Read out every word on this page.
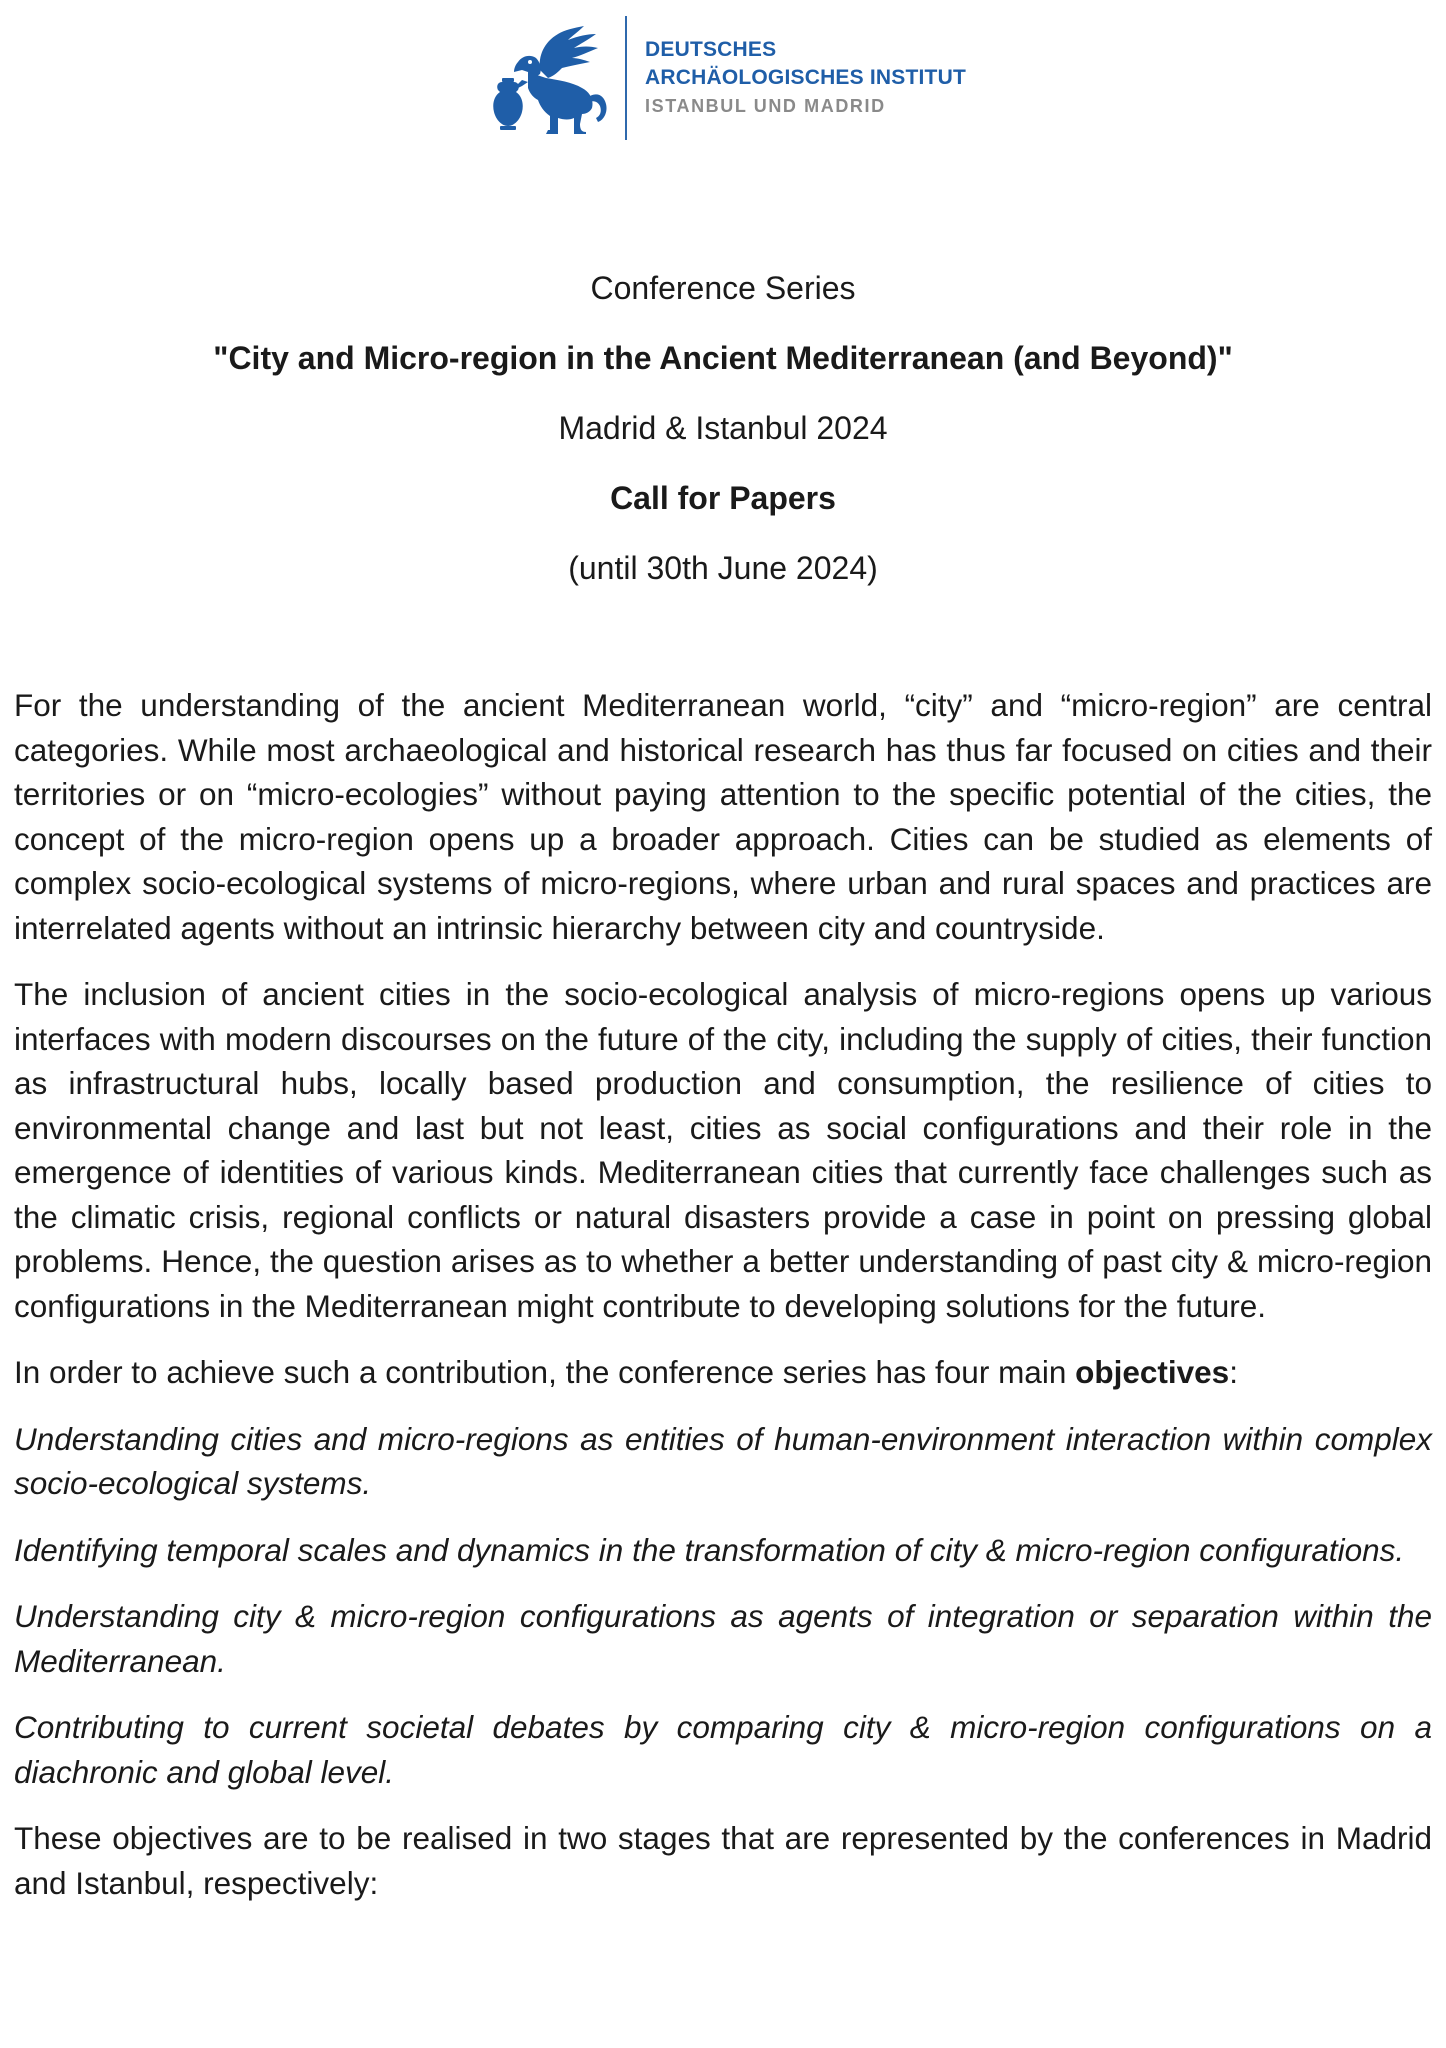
DEUTSCHES
ARCHÄOLOGISCHES INSTITUT
ISTANBUL UND MADRID
Conference Series
"City and Micro-region in the Ancient Mediterranean (and Beyond)"
Madrid & Istanbul 2024
Call for Papers
(until 30th June 2024)

For the understanding of the ancient Mediterranean world, “city” and “micro-region” are central categories. While most archaeological and historical research has thus far focused on cities and their territories or on “micro-ecologies” without paying attention to the specific potential of the cities, the concept of the micro-region opens up a broader approach. Cities can be studied as elements of complex socio-ecological systems of micro-regions, where urban and rural spaces and practices are interrelated agents without an intrinsic hierarchy between city and countryside.

The inclusion of ancient cities in the socio-ecological analysis of micro-regions opens up various interfaces with modern discourses on the future of the city, including the supply of cities, their function as infrastructural hubs, locally based production and consumption, the resilience of cities to environmental change and last but not least, cities as social configurations and their role in the emergence of identities of various kinds. Mediterranean cities that currently face challenges such as the climatic crisis, regional conflicts or natural disasters provide a case in point on pressing global problems. Hence, the question arises as to whether a better understanding of past city & micro-region configurations in the Mediterranean might contribute to developing solutions for the future.

In order to achieve such a contribution, the conference series has four main objectives:

Understanding cities and micro-regions as entities of human-environment interaction within complex socio-ecological systems.

Identifying temporal scales and dynamics in the transformation of city & micro-region configurations.

Understanding city & micro-region configurations as agents of integration or separation within the Mediterranean.

Contributing to current societal debates by comparing city & micro-region configurations on a diachronic and global level.

These objectives are to be realised in two stages that are represented by the conferences in Madrid and Istanbul, respectively:
